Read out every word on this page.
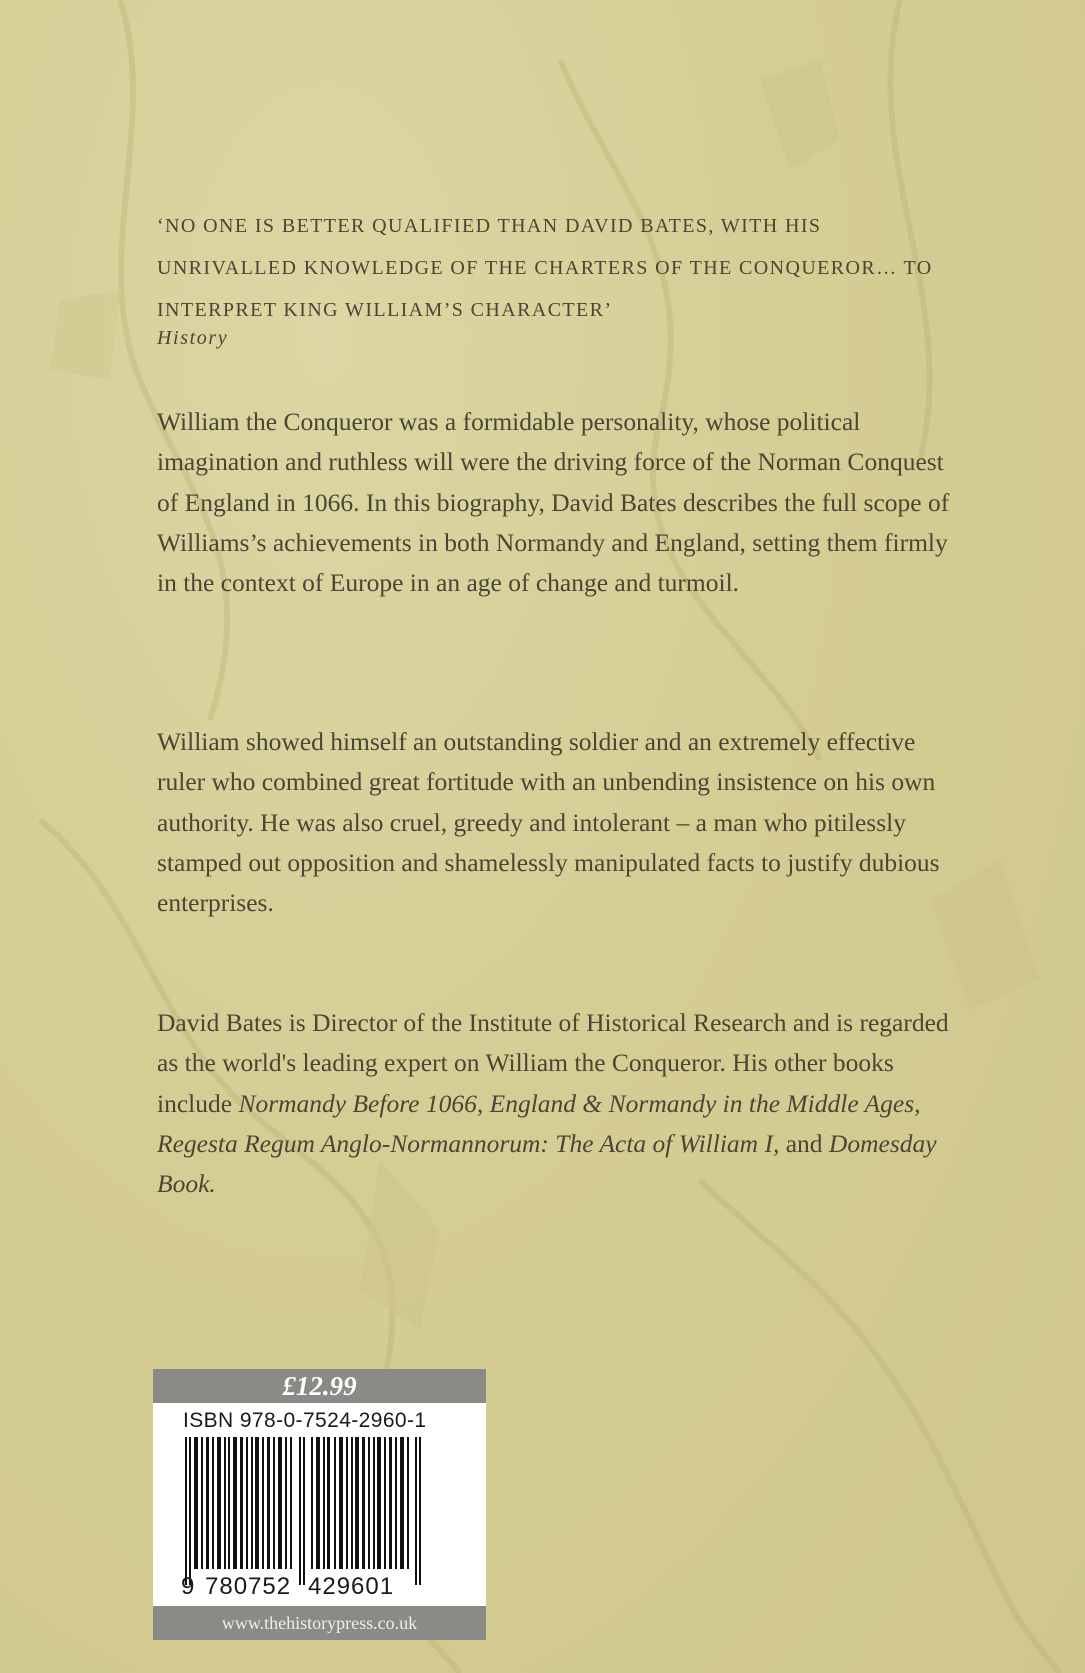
‘NO ONE IS BETTER QUALIFIED THAN DAVID BATES, WITH HIS UNRIVALLED KNOWLEDGE OF THE CHARTERS OF THE CONQUEROR… TO INTERPRET KING WILLIAM’S CHARACTER’
History

William the Conqueror was a formidable personality, whose political imagination and ruthless will were the driving force of the Norman Conquest of England in 1066. In this biography, David Bates describes the full scope of Williams’s achievements in both Normandy and England, setting them firmly in the context of Europe in an age of change and turmoil.

William showed himself an outstanding soldier and an extremely effective ruler who combined great fortitude with an unbending insistence on his own authority. He was also cruel, greedy and intolerant – a man who pitilessly stamped out opposition and shamelessly manipulated facts to justify dubious enterprises.

David Bates is Director of the Institute of Historical Research and is regarded as the world's leading expert on William the Conqueror. His other books include Normandy Before 1066, England & Normandy in the Middle Ages, Regesta Regum Anglo-Normannorum: The Acta of William I, and Domesday Book.

£12.99
ISBN 978-0-7524-2960-1
9 780752 429601
www.thehistorypress.co.uk
